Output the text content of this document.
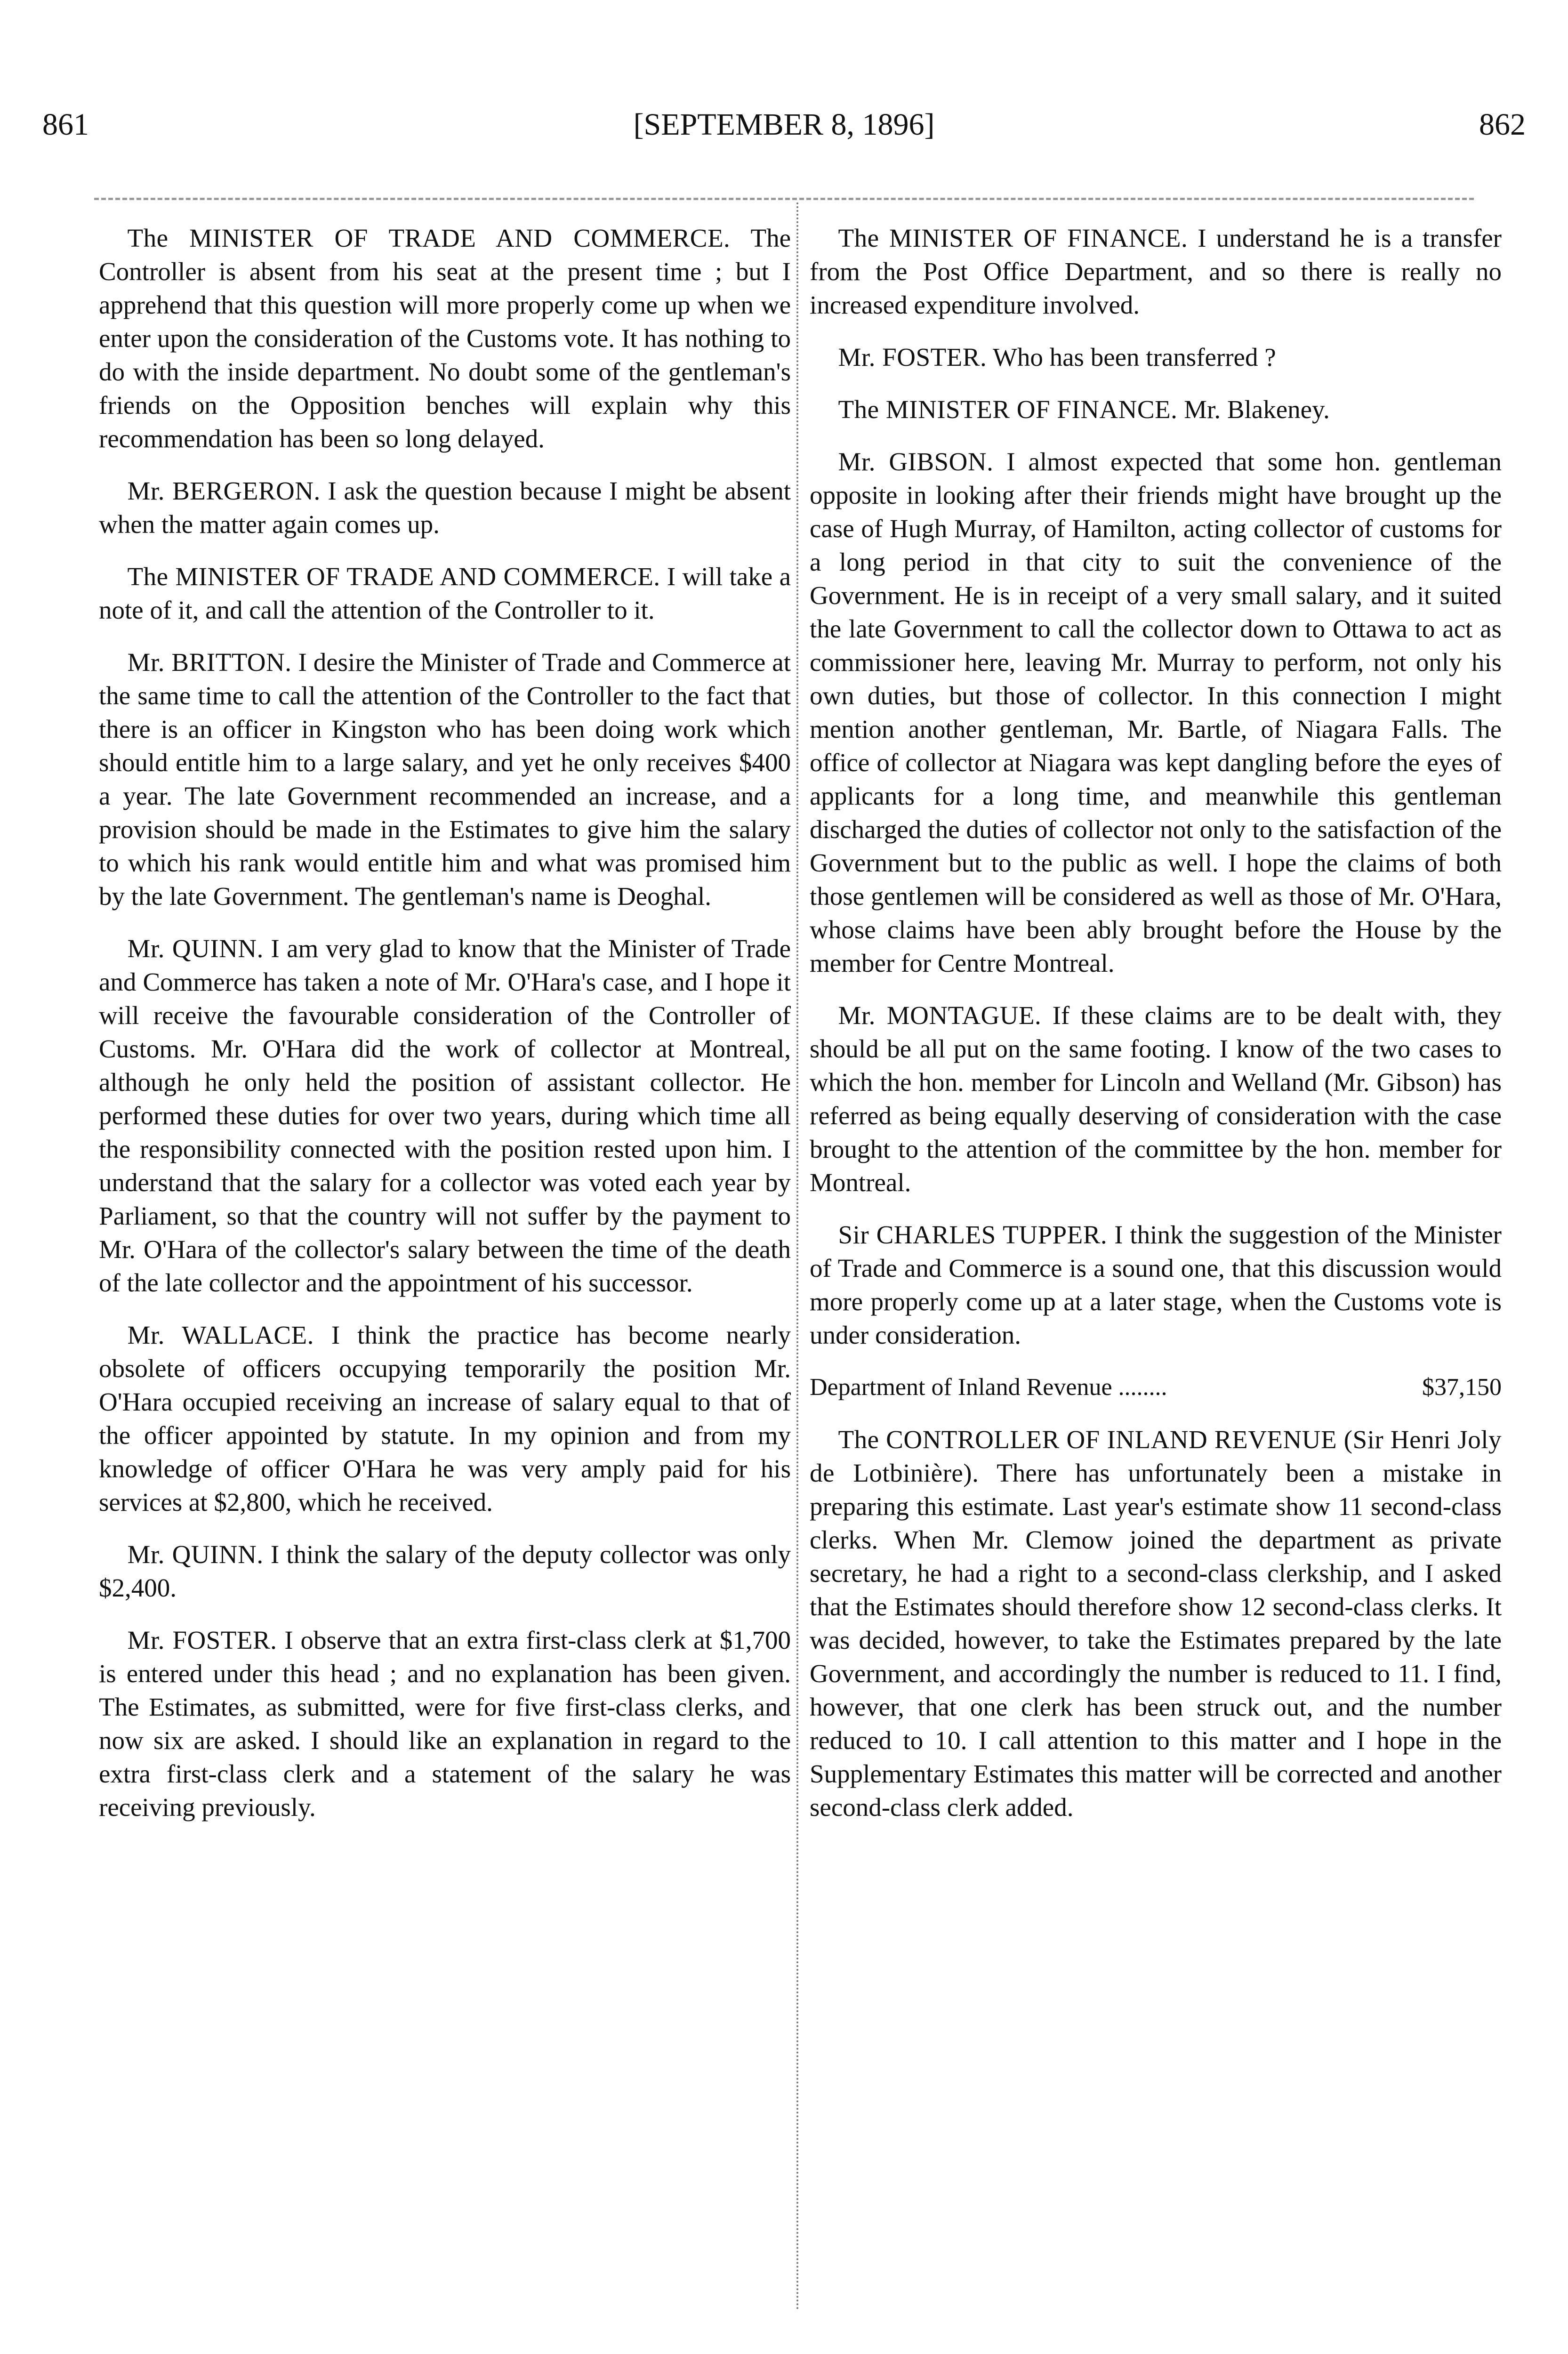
861	[SEPTEMBER 8, 1896]	862

The MINISTER OF TRADE AND COMMERCE. The Controller is absent from his seat at the present time ; but I apprehend that this question will more properly come up when we enter upon the consideration of the Customs vote. It has nothing to do with the inside department. No doubt some of the gentleman's friends on the Opposition benches will explain why this recommendation has been so long delayed.

Mr. BERGERON. I ask the question because I might be absent when the matter again comes up.

The MINISTER OF TRADE AND COMMERCE. I will take a note of it, and call the attention of the Controller to it.

Mr. BRITTON. I desire the Minister of Trade and Commerce at the same time to call the attention of the Controller to the fact that there is an officer in Kingston who has been doing work which should entitle him to a large salary, and yet he only receives $400 a year. The late Government recommended an increase, and a provision should be made in the Estimates to give him the salary to which his rank would entitle him and what was promised him by the late Government. The gentleman's name is Deoghal.

Mr. QUINN. I am very glad to know that the Minister of Trade and Commerce has taken a note of Mr. O'Hara's case, and I hope it will receive the favourable consideration of the Controller of Customs. Mr. O'Hara did the work of collector at Montreal, although he only held the position of assistant collector. He performed these duties for over two years, during which time all the responsibility connected with the position rested upon him. I understand that the salary for a collector was voted each year by Parliament, so that the country will not suffer by the payment to Mr. O'Hara of the collector's salary between the time of the death of the late collector and the appointment of his successor.

Mr. WALLACE. I think the practice has become nearly obsolete of officers occupying temporarily the position Mr. O'Hara occupied receiving an increase of salary equal to that of the officer appointed by statute. In my opinion and from my knowledge of officer O'Hara he was very amply paid for his services at $2,800, which he received.

Mr. QUINN. I think the salary of the deputy collector was only $2,400.

Mr. FOSTER. I observe that an extra first-class clerk at $1,700 is entered under this head ; and no explanation has been given. The Estimates, as submitted, were for five first-class clerks, and now six are asked. I should like an explanation in regard to the extra first-class clerk and a statement of the salary he was receiving previously.

The MINISTER OF FINANCE. I understand he is a transfer from the Post Office Department, and so there is really no increased expenditure involved.

Mr. FOSTER. Who has been transferred ?

The MINISTER OF FINANCE. Mr. Blakeney.

Mr. GIBSON. I almost expected that some hon. gentleman opposite in looking after their friends might have brought up the case of Hugh Murray, of Hamilton, acting collector of customs for a long period in that city to suit the convenience of the Government. He is in receipt of a very small salary, and it suited the late Government to call the collector down to Ottawa to act as commissioner here, leaving Mr. Murray to perform, not only his own duties, but those of collector. In this connection I might mention another gentleman, Mr. Bartle, of Niagara Falls. The office of collector at Niagara was kept dangling before the eyes of applicants for a long time, and meanwhile this gentleman discharged the duties of collector not only to the satisfaction of the Government but to the public as well. I hope the claims of both those gentlemen will be considered as well as those of Mr. O'Hara, whose claims have been ably brought before the House by the member for Centre Montreal.

Mr. MONTAGUE. If these claims are to be dealt with, they should be all put on the same footing. I know of the two cases to which the hon. member for Lincoln and Welland (Mr. Gibson) has referred as being equally deserving of consideration with the case brought to the attention of the committee by the hon. member for Montreal.

Sir CHARLES TUPPER. I think the suggestion of the Minister of Trade and Commerce is a sound one, that this discussion would more properly come up at a later stage, when the Customs vote is under consideration.

Department of Inland Revenue ........	$37,150

The CONTROLLER OF INLAND REVENUE (Sir Henri Joly de Lotbinière). There has unfortunately been a mistake in preparing this estimate. Last year's estimate show 11 second-class clerks. When Mr. Clemow joined the department as private secretary, he had a right to a second-class clerkship, and I asked that the Estimates should therefore show 12 second-class clerks. It was decided, however, to take the Estimates prepared by the late Government, and accordingly the number is reduced to 11. I find, however, that one clerk has been struck out, and the number reduced to 10. I call attention to this matter and I hope in the Supplementary Estimates this matter will be corrected and another second-class clerk added.
